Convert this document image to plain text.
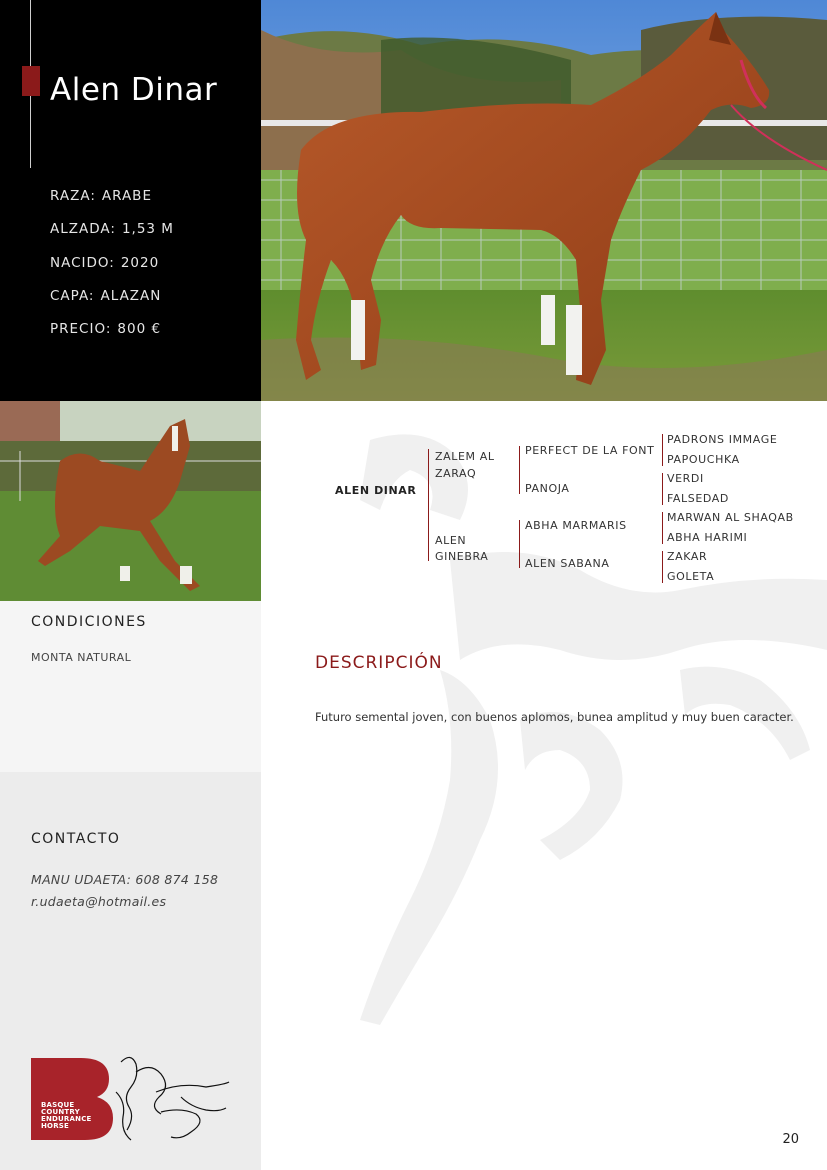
Alen Dinar
RAZA: ARABE
ALZADA: 1,53 M
NACIDO: 2020
CAPA: ALAZAN
PRECIO: 800 €
CONDICIONES
MONTA NATURAL
CONTACTO
MANU UDAETA: 608 874 158
r.udaeta@hotmail.es
ALEN DINAR
ZALEM AL
ZARAQ
ALEN
GINEBRA
PERFECT DE LA FONT
PANOJA
ABHA MARMARIS
ALEN SABANA
PADRONS IMMAGE
PAPOUCHKA
VERDI
FALSEDAD
MARWAN AL SHAQAB
ABHA HARIMI
ZAKAR
GOLETA
DESCRIPCIÓN
Futuro semental joven, con buenos aplomos, bunea amplitud y muy buen caracter.
BASQUE
COUNTRY
ENDURANCE
HORSE
20
